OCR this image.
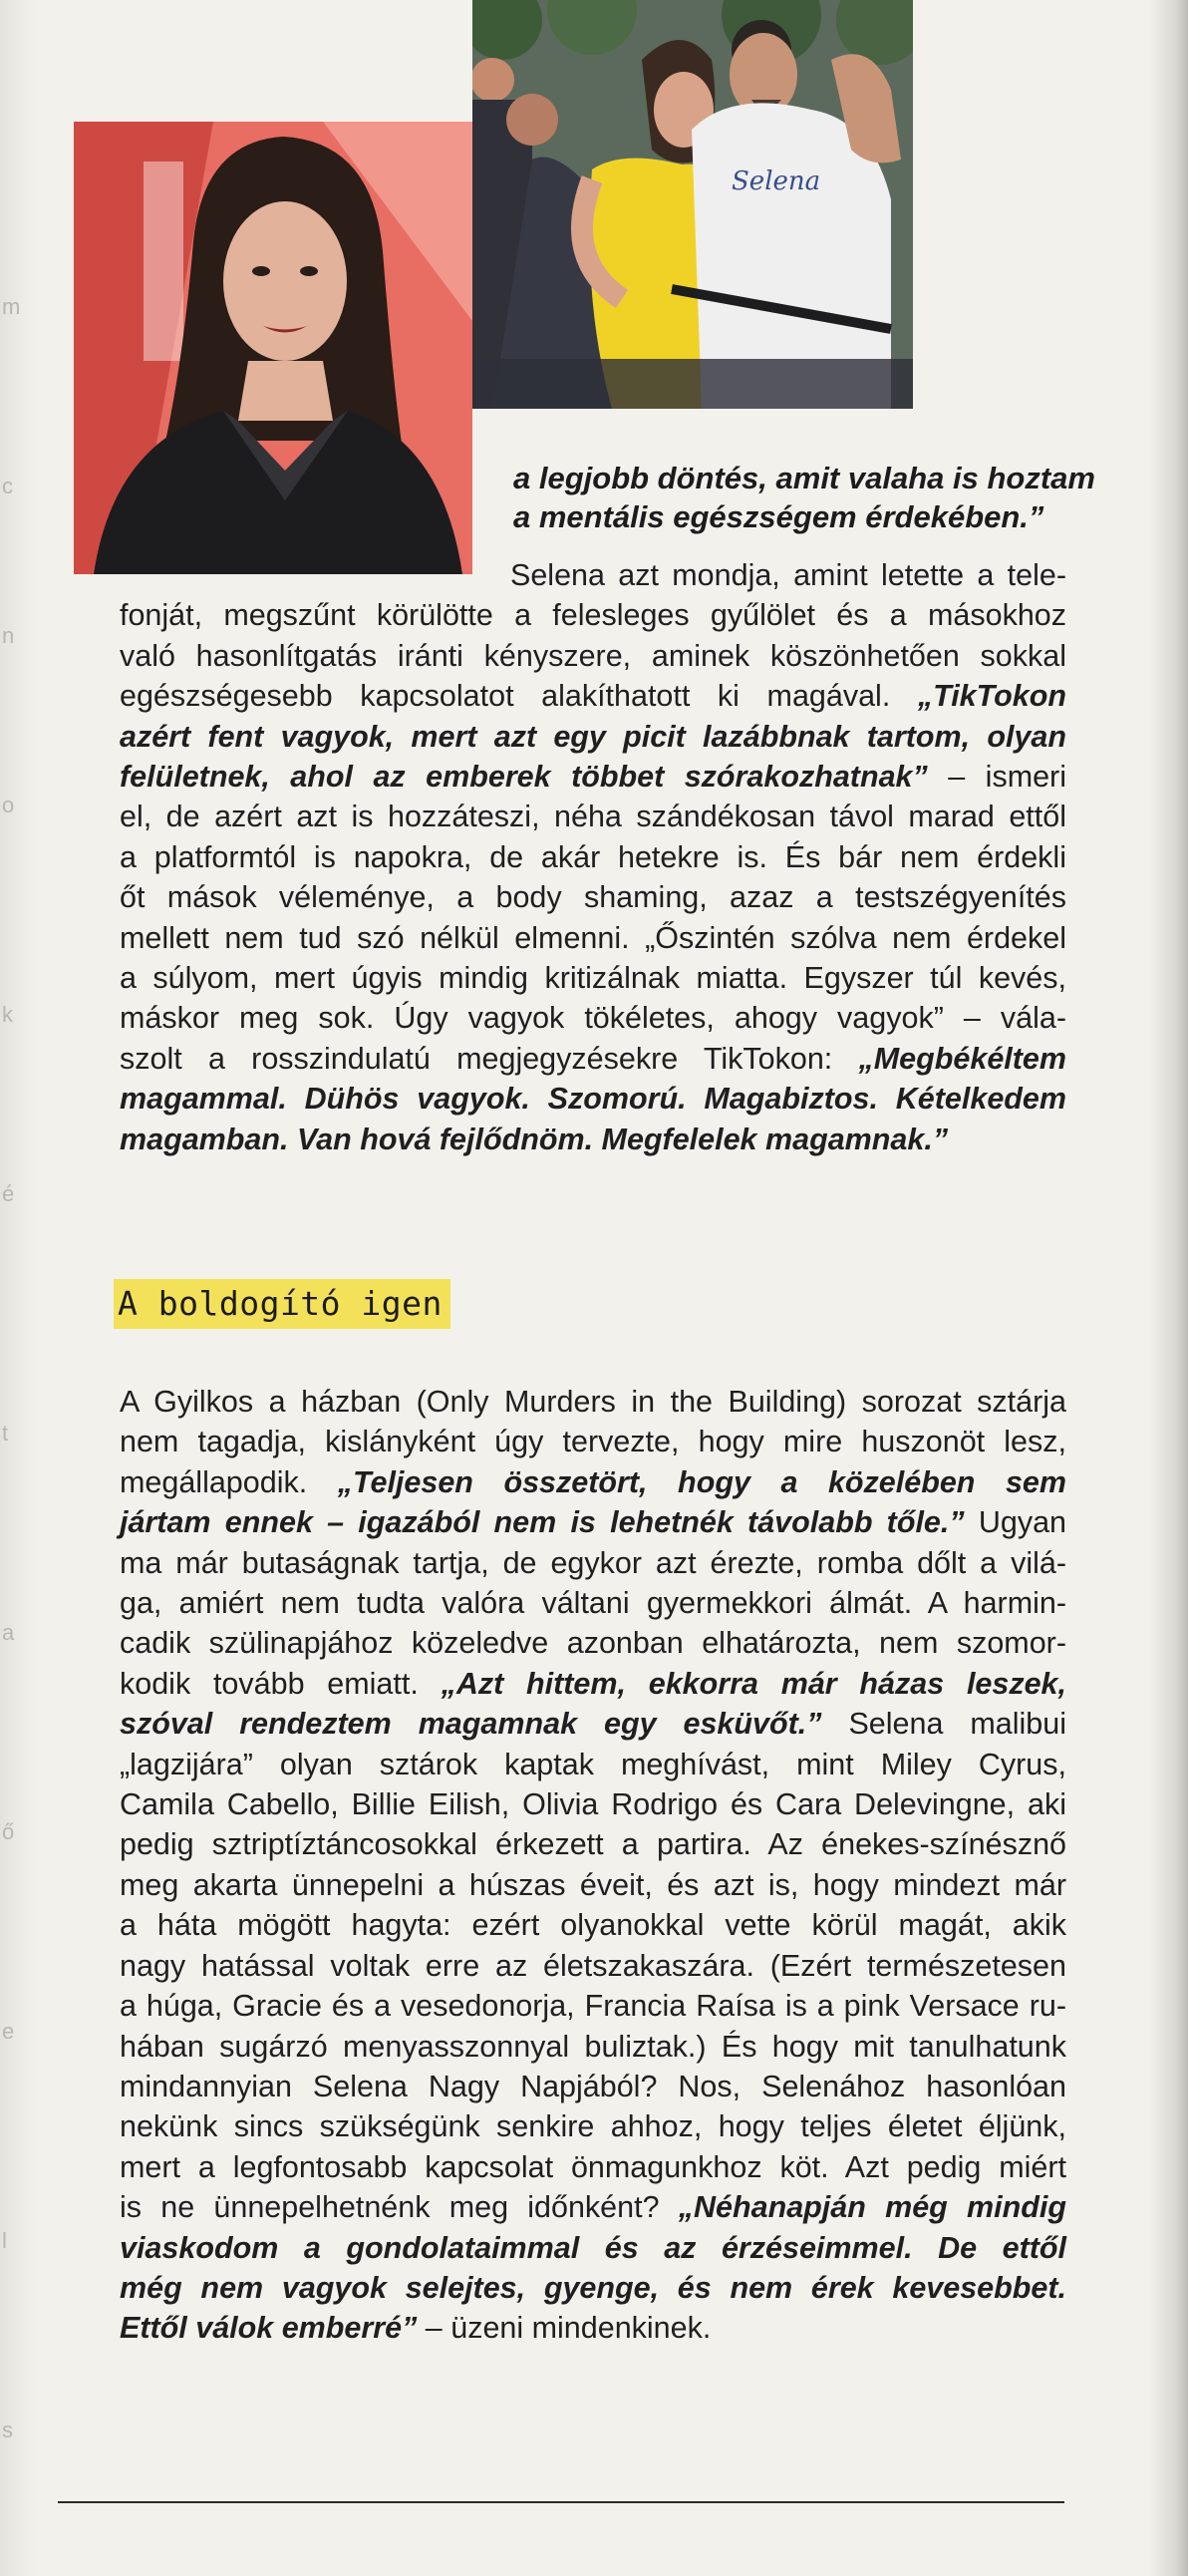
Selena
m
c
n
o
k
é
t
a
ő
e
l
s
a legjobb döntés, amit valaha is hoztam
a mentális egészségem érdekében.”
Selena azt mondja, amint letette a tele-
fonját, megszűnt körülötte a felesleges gyűlölet és a másokhoz
való hasonlítgatás iránti kényszere, aminek köszönhetően sokkal
egészségesebb kapcsolatot alakíthatott ki magával. „TikTokon
azért fent vagyok, mert azt egy picit lazábbnak tartom, olyan
felületnek, ahol az emberek többet szórakozhatnak” – ismeri
el, de azért azt is hozzáteszi, néha szándékosan távol marad ettől
a platformtól is napokra, de akár hetekre is. És bár nem érdekli
őt mások véleménye, a body shaming, azaz a testszégyenítés
mellett nem tud szó nélkül elmenni. „Őszintén szólva nem érdekel
a súlyom, mert úgyis mindig kritizálnak miatta. Egyszer túl kevés,
máskor meg sok. Úgy vagyok tökéletes, ahogy vagyok” – vála-
szolt a rosszindulatú megjegyzésekre TikTokon: „Megbékéltem
magammal. Dühös vagyok. Szomorú. Magabiztos. Kételkedem
magamban. Van hová fejlődnöm. Megfelelek magamnak.”
A boldogító igen
A Gyilkos a házban (Only Murders in the Building) sorozat sztárja
nem tagadja, kislányként úgy tervezte, hogy mire huszonöt lesz,
megállapodik. „Teljesen összetört, hogy a közelében sem
jártam ennek – igazából nem is lehetnék távolabb tőle.” Ugyan
ma már butaságnak tartja, de egykor azt érezte, romba dőlt a vilá-
ga, amiért nem tudta valóra váltani gyermekkori álmát. A harmin-
cadik szülinapjához közeledve azonban elhatározta, nem szomor-
kodik tovább emiatt. „Azt hittem, ekkorra már házas leszek,
szóval rendeztem magamnak egy esküvőt.” Selena malibui
„lagzijára” olyan sztárok kaptak meghívást, mint Miley Cyrus,
Camila Cabello, Billie Eilish, Olivia Rodrigo és Cara Delevingne, aki
pedig sztriptíztáncosokkal érkezett a partira. Az énekes-színésznő
meg akarta ünnepelni a húszas éveit, és azt is, hogy mindezt már
a háta mögött hagyta: ezért olyanokkal vette körül magát, akik
nagy hatással voltak erre az életszakaszára. (Ezért természetesen
a húga, Gracie és a vesedonorja, Francia Raísa is a pink Versace ru-
hában sugárzó menyasszonnyal buliztak.) És hogy mit tanulhatunk
mindannyian Selena Nagy Napjából? Nos, Selenához hasonlóan
nekünk sincs szükségünk senkire ahhoz, hogy teljes életet éljünk,
mert a legfontosabb kapcsolat önmagunkhoz köt. Azt pedig miért
is ne ünnepelhetnénk meg időnként? „Néhanapján még mindig
viaskodom a gondolataimmal és az érzéseimmel. De ettől
még nem vagyok selejtes, gyenge, és nem érek kevesebbet.
Ettől válok emberré” – üzeni mindenkinek.
